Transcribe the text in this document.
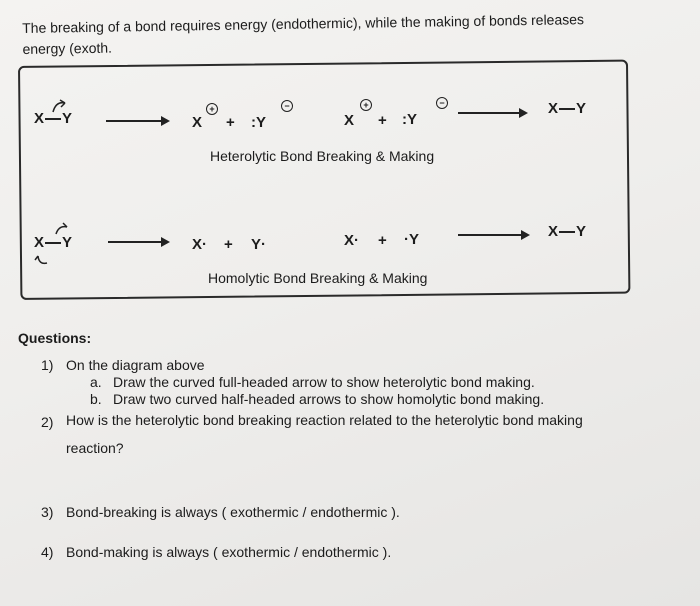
The breaking of a bond requires energy (endothermic), while the making of bonds releases energy (exoth.
X Y	X
+
+ :Y
−
X
+
+ :Y
−	X Y
Heterolytic Bond Breaking & Making
X Y	X· + Y·	X· + ·Y	X Y
Homolytic Bond Breaking & Making
Questions:
1) On the diagram above
a. Draw the curved full-headed arrow to show heterolytic bond making.
b. Draw two curved half-headed arrows to show homolytic bond making.
2) How is the heterolytic bond breaking reaction related to the heterolytic bond making
reaction?
3) Bond-breaking is always ( exothermic / endothermic ).
4) Bond-making is always ( exothermic / endothermic ).
